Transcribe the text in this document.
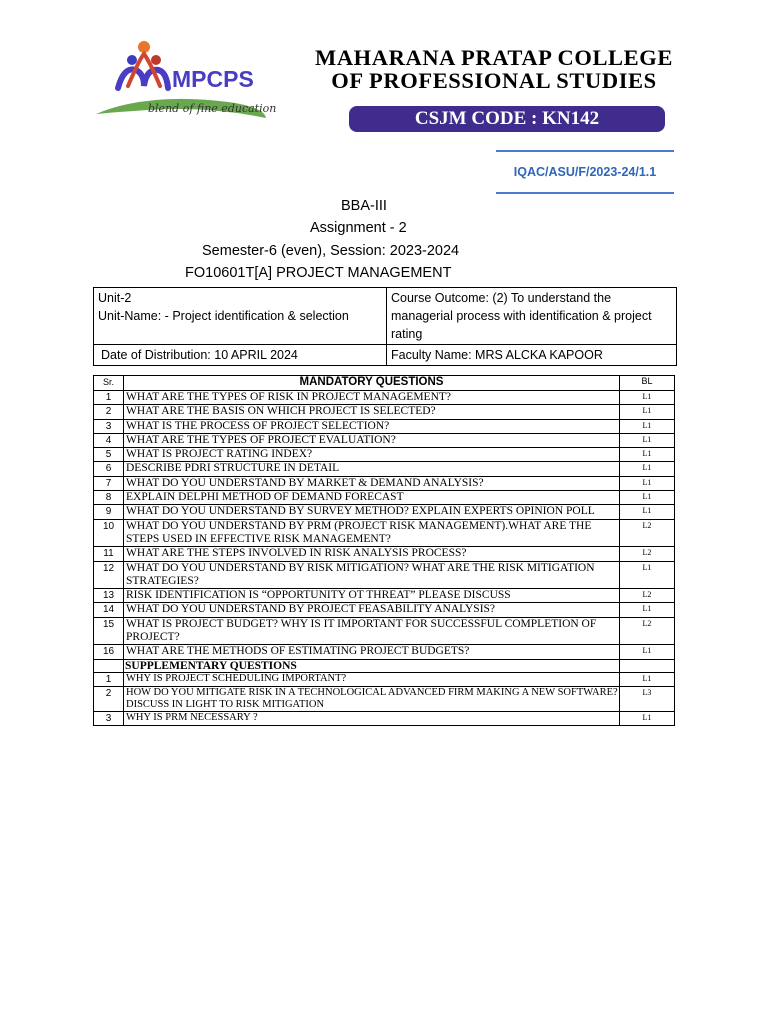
MPCPS
blend of fine education
MAHARANA PRATAP COLLEGE
OF PROFESSIONAL STUDIES
CSJM CODE : KN142
IQAC/ASU/F/2023-24/1.1
BBA-III
Assignment - 2
Semester-6 (even), Session: 2023-2024
FO10601T[A] PROJECT MANAGEMENT
Unit-2
Unit-Name: - Project identification & selection	Course Outcome: (2) To understand the managerial process with identification & project rating
Date of Distribution: 10 APRIL 2024	Faculty Name: MRS ALCKA KAPOOR
Sr.	MANDATORY QUESTIONS	BL
1	WHAT ARE THE TYPES OF RISK IN PROJECT MANAGEMENT?	L1
2	WHAT ARE THE BASIS ON WHICH PROJECT IS SELECTED?	L1
3	WHAT IS THE PROCESS OF PROJECT SELECTION?	L1
4	WHAT ARE THE TYPES OF PROJECT EVALUATION?	L1
5	WHAT IS PROJECT RATING INDEX?	L1
6	DESCRIBE PDRI STRUCTURE IN DETAIL	L1
7	WHAT DO YOU UNDERSTAND BY MARKET & DEMAND ANALYSIS?	L1
8	EXPLAIN DELPHI METHOD OF DEMAND FORECAST	L1
9	WHAT DO YOU UNDERSTAND BY SURVEY METHOD? EXPLAIN EXPERTS OPINION POLL	L1
10	WHAT DO YOU UNDERSTAND BY PRM (PROJECT RISK MANAGEMENT).WHAT ARE THE STEPS USED IN EFFECTIVE RISK MANAGEMENT?	L2
11	WHAT ARE THE STEPS INVOLVED IN RISK ANALYSIS PROCESS?	L2
12	WHAT DO YOU UNDERSTAND BY RISK MITIGATION? WHAT ARE THE RISK MITIGATION STRATEGIES?	L1
13	RISK IDENTIFICATION IS “OPPORTUNITY OT THREAT” PLEASE DISCUSS	L2
14	WHAT DO YOU UNDERSTAND BY PROJECT FEASABILITY ANALYSIS?	L1
15	WHAT IS PROJECT BUDGET? WHY IS IT IMPORTANT FOR SUCCESSFUL COMPLETION OF PROJECT?	L2
16	WHAT ARE THE METHODS OF ESTIMATING PROJECT BUDGETS?	L1
	SUPPLEMENTARY QUESTIONS	
1	WHY IS PROJECT SCHEDULING IMPORTANT?	L1
2	HOW DO YOU MITIGATE RISK IN A TECHNOLOGICAL ADVANCED FIRM MAKING A NEW SOFTWARE? DISCUSS IN LIGHT TO RISK MITIGATION	L3
3	WHY IS PRM NECESSARY ?	L1
